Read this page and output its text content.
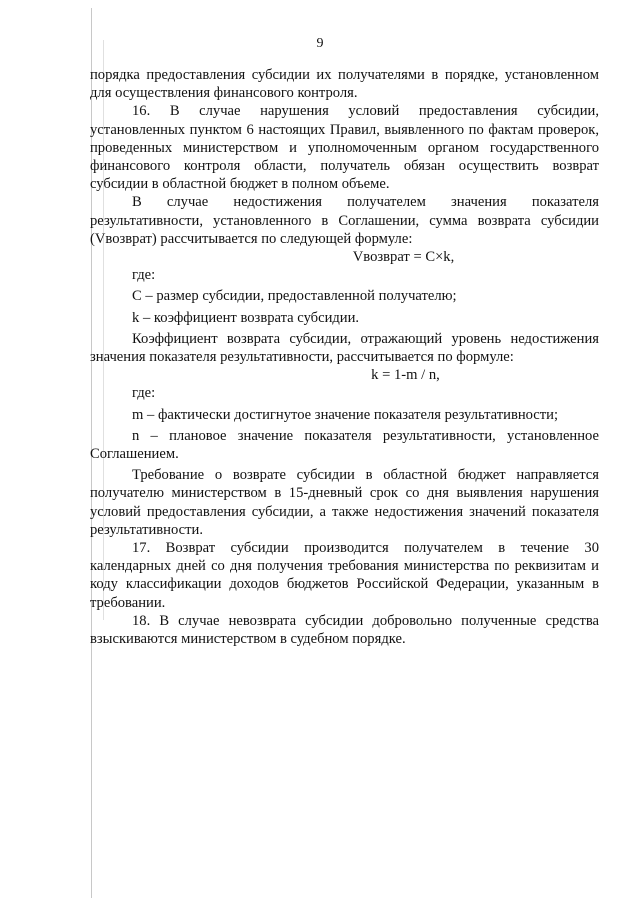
9

порядка предоставления субсидии их получателями в порядке, установленном для осуществления финансового контроля.

16. В случае нарушения условий предоставления субсидии, установленных пунктом 6 настоящих Правил, выявленного по фактам проверок, проведенных министерством и уполномоченным органом государственного финансового контроля области, получатель обязан осуществить возврат субсидии в областной бюджет в полном объеме.

В случае недостижения получателем значения показателя результативности, установленного в Соглашении, сумма возврата субсидии (Vвозврат) рассчитывается по следующей формуле:

Vвозврат = C×k,

где:

C – размер субсидии, предоставленной получателю;

k – коэффициент возврата субсидии.

Коэффициент возврата субсидии, отражающий уровень недостижения значения показателя результативности, рассчитывается по формуле:

k = 1-m / n,

где:

m – фактически достигнутое значение показателя результативности;

n – плановое значение показателя результативности, установленное Соглашением.

Требование о возврате субсидии в областной бюджет направляется получателю министерством в 15-дневный срок со дня выявления нарушения условий предоставления субсидии, а также недостижения значений показателя результативности.

17. Возврат субсидии производится получателем в течение 30 календарных дней со дня получения требования министерства по реквизитам и коду классификации доходов бюджетов Российской Федерации, указанным в требовании.

18. В случае невозврата субсидии добровольно полученные средства взыскиваются министерством в судебном порядке.
